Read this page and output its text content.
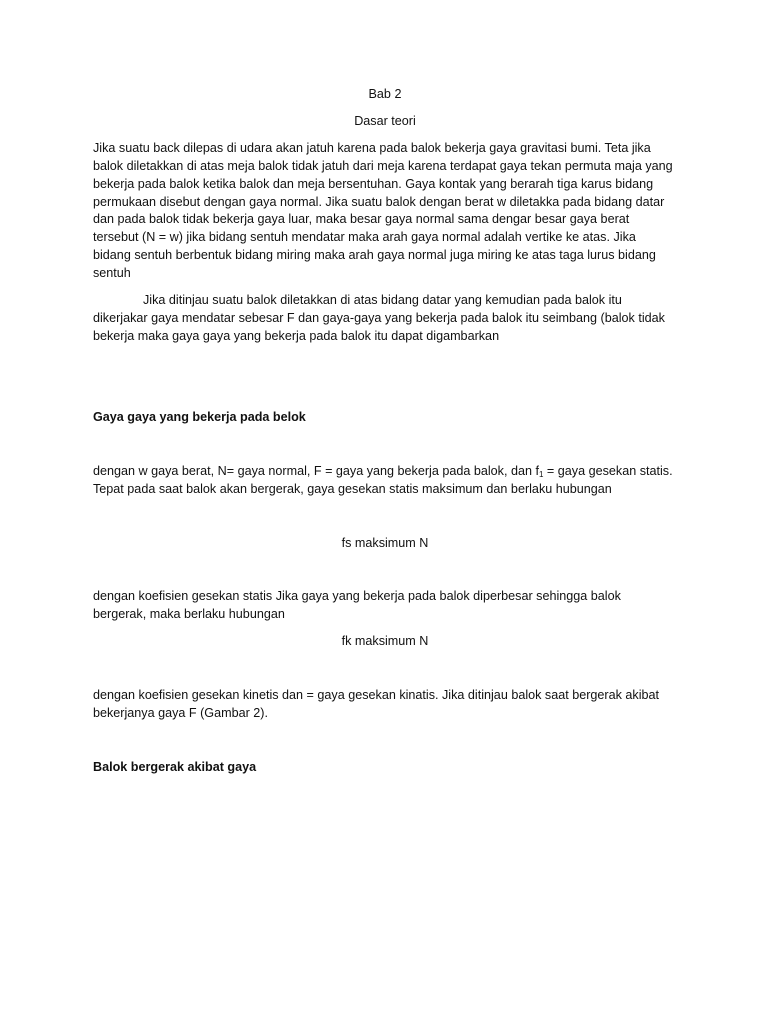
Bab 2

Dasar teori

Jika suatu back dilepas di udara akan jatuh karena pada balok bekerja gaya gravitasi bumi. Teta jika balok diletakkan di atas meja balok tidak jatuh dari meja karena terdapat gaya tekan permuta maja yang bekerja pada balok ketika balok dan meja bersentuhan. Gaya kontak yang berarah tiga karus bidang permukaan disebut dengan gaya normal. Jika suatu balok dengan berat w diletakka pada bidang datar dan pada balok tidak bekerja gaya luar, maka besar gaya normal sama dengar besar gaya berat tersebut (N = w) jika bidang sentuh mendatar maka arah gaya normal adalah vertike ke atas. Jika bidang sentuh berbentuk bidang miring maka arah gaya normal juga miring ke atas taga lurus bidang sentuh

Jika ditinjau suatu balok diletakkan di atas bidang datar yang kemudian pada balok itu dikerjakar gaya mendatar sebesar F dan gaya-gaya yang bekerja pada balok itu seimbang (balok tidak bekerja maka gaya gaya yang bekerja pada balok itu dapat digambarkan

Gaya gaya yang bekerja pada belok

dengan w gaya berat, N= gaya normal, F = gaya yang bekerja pada balok, dan $f_1$ = gaya gesekan statis. Tepat pada saat balok akan bergerak, gaya gesekan statis maksimum dan berlaku hubungan

fs maksimum N

dengan koefisien gesekan statis Jika gaya yang bekerja pada balok diperbesar sehingga balok bergerak, maka berlaku hubungan

fk maksimum N

dengan koefisien gesekan kinetis dan = gaya gesekan kinatis. Jika ditinjau balok saat bergerak akibat bekerjanya gaya F (Gambar 2).

Balok bergerak akibat gaya
